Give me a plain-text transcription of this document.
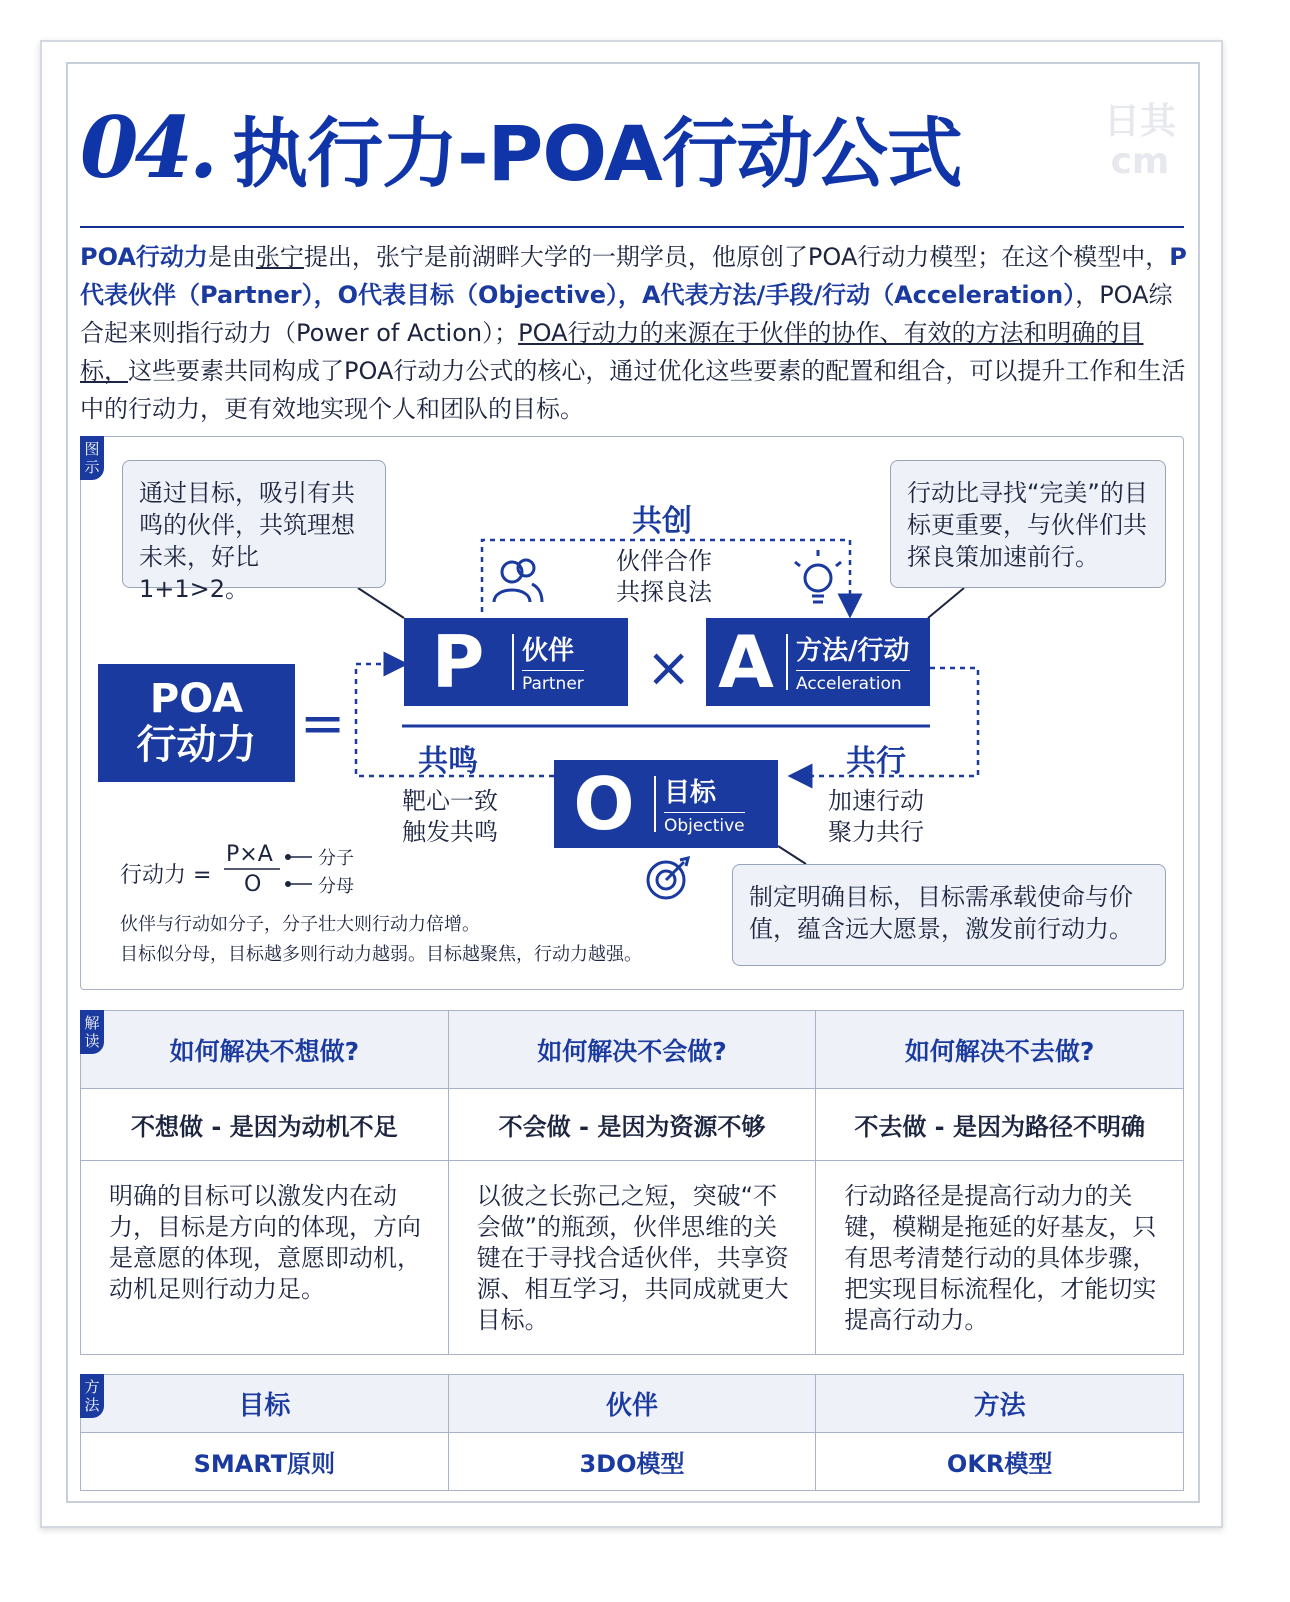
04. 执行力-POA行动公式	日其
cm
POA行动力是由张宁提出，张宁是前湖畔大学的一期学员，他原创了POA行动力模型；在这个模型中，P代表伙伴（Partner），O代表目标（Objective），A代表方法/手段/行动（Acceleration），POA综合起来则指行动力（Power of Action）；POA行动力的来源在于伙伴的协作、有效的方法和明确的目标，这些要素共同构成了POA行动力公式的核心，通过优化这些要素的配置和组合，可以提升工作和生活中的行动力，更有效地实现个人和团队的目标。
图示
通过目标，吸引有共鸣的伙伴，共筑理想未来，好比1+1>2。
行动比寻找“完美”的目标更重要，与伙伴们共探良策加速前行。
制定明确目标，目标需承载使命与价值，蕴含远大愿景，激发前行动力。
POA
行动力 =
P	伙伴
Partner × A 方法/行动
Acceleration
O	目标
Objective
共创
伙伴合作
共探良法
共鸣
靶心一致
触发共鸣
共行
加速行动
聚力共行
行动力 =
P×A
O
分子
分母
伙伴与行动如分子，分子壮大则行动力倍增。
目标似分母，目标越多则行动力越弱。目标越聚焦，行动力越强。
如何解决不想做?	如何解决不会做?	如何解决不去做?
不想做 - 是因为动机不足	不会做 - 是因为资源不够	不去做 - 是因为路径不明确
明确的目标可以激发内在动力，目标是方向的体现，方向是意愿的体现，意愿即动机，动机足则行动力足。	以彼之长弥己之短，突破“不会做”的瓶颈，伙伴思维的关键在于寻找合适伙伴，共享资源、相互学习，共同成就更大目标。	行动路径是提高行动力的关键，模糊是拖延的好基友，只有思考清楚行动的具体步骤，把实现目标流程化，才能切实提高行动力。
解读
目标	伙伴	方法
SMART原则	3DO模型	OKR模型
方法
